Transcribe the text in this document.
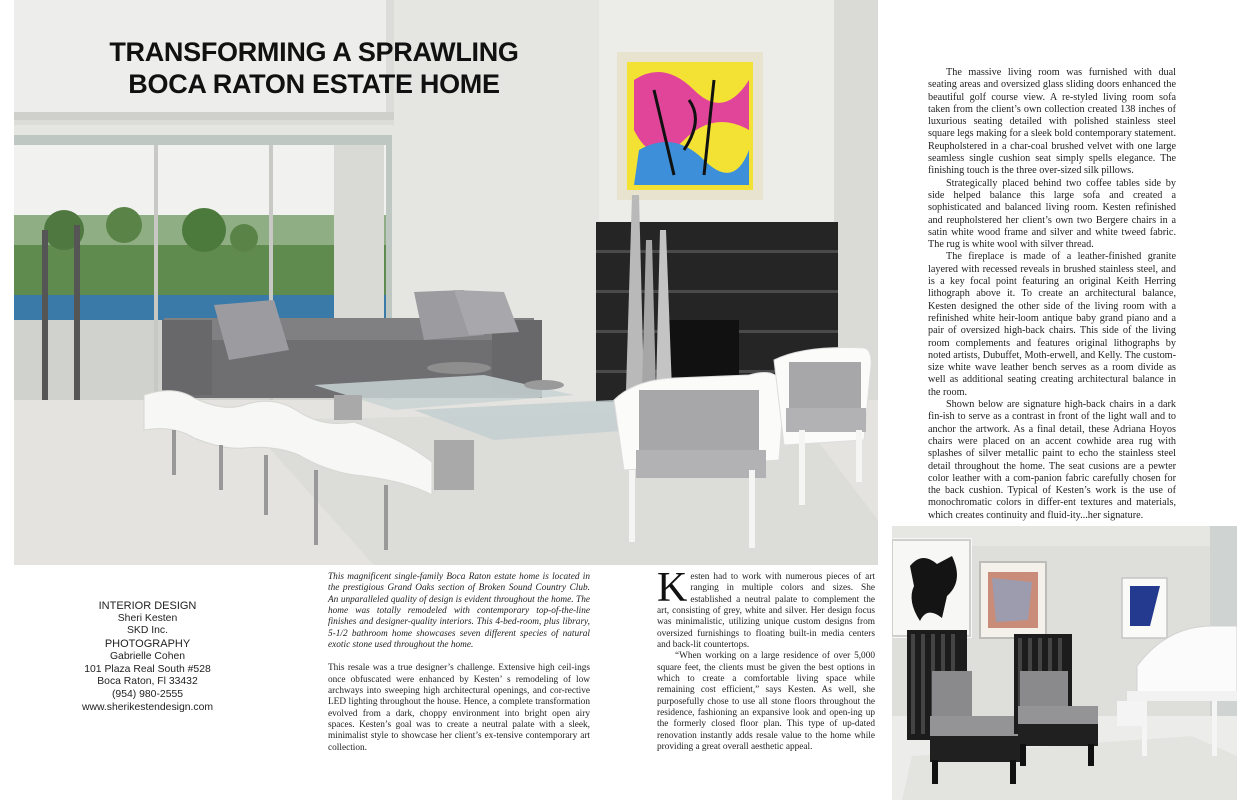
TRANSFORMING A SPRAWLING
BOCA RATON ESTATE HOME	The massive living room was furnished with dual seating areas and oversized glass sliding doors enhanced the beautiful golf course view. A re-styled living room sofa taken from the client’s own collection created 138 inches of luxurious seating detailed with polished stainless steel square legs making for a sleek bold contemporary statement. Reupholstered in a char-coal brushed velvet with one large seamless single cushion seat simply spells elegance. The finishing touch is the three over-sized silk pillows.

Strategically placed behind two coffee tables side by side helped balance this large sofa and created a sophisticated and balanced living room. Kesten refinished and reupholstered her client’s own two Bergere chairs in a satin white wood frame and silver and white tweed fabric. The rug is white wool with silver thread.

The fireplace is made of a leather-finished granite layered with recessed reveals in brushed stainless steel, and is a key focal point featuring an original Keith Herring lithograph above it. To create an architectural balance, Kesten designed the other side of the living room with a refinished white heir-loom antique baby grand piano and a pair of oversized high-back chairs. This side of the living room complements and features original lithographs by noted artists, Dubuffet, Moth-erwell, and Kelly. The custom-size white wave leather bench serves as a room divide as well as additional seating creating architectural balance in the room.

Shown below are signature high-back chairs in a dark fin-ish to serve as a contrast in front of the light wall and to anchor the artwork. As a final detail, these Adriana Hoyos chairs were placed on an accent cowhide area rug with splashes of silver metallic paint to echo the stainless steel detail throughout the home. The seat cusions are a pewter color leather with a com-panion fabric carefully chosen for the back cushion. Typical of Kesten’s work is the use of monochromatic colors in differ-ent textures and materials, which creates continuity and fluid-ity...her signature.

INTERIOR DESIGN
Sheri Kesten
SKD Inc.
PHOTOGRAPHY
Gabrielle Cohen
101 Plaza Real South #528
Boca Raton, Fl 33432
(954) 980-2555
www.sherikestendesign.com

This magnificent single-family Boca Raton estate home is located in the prestigious Grand Oaks section of Broken Sound Country Club. An unparalleled quality of design is evident throughout the home. The home was totally remodeled with contemporary top-of-the-line finishes and designer-quality interiors. This 4-bed-room, plus library, 5-1/2 bathroom home showcases seven different species of natural exotic stone used throughout the home.

This resale was a true designer’s challenge. Extensive high ceil-ings once obfuscated were enhanced by Kesten’ s remodeling of low archways into sweeping high architectural openings, and cor-rective LED lighting throughout the house. Hence, a complete transformation evolved from a dark, choppy environment into bright open airy spaces. Kesten’s goal was to create a neutral palate with a sleek, minimalist style to showcase her client’s ex-tensive contemporary art collection.

Kesten had to work with numerous pieces of art ranging in multiple colors and sizes. She established a neutral palate to complement the art, consisting of grey, white and silver. Her design focus was minimalistic, utilizing unique custom designs from oversized furnishings to floating built-in media centers and back-lit countertops.

“When working on a large residence of over 5,000 square feet, the clients must be given the best options in which to create a comfortable living space while remaining cost efficient,” says Kesten. As well, she purposefully chose to use all stone floors throughout the residence, fashioning an expansive look and open-ing up the formerly closed floor plan. This type of up-dated renovation instantly adds resale value to the home while providing a great overall aesthetic appeal.
